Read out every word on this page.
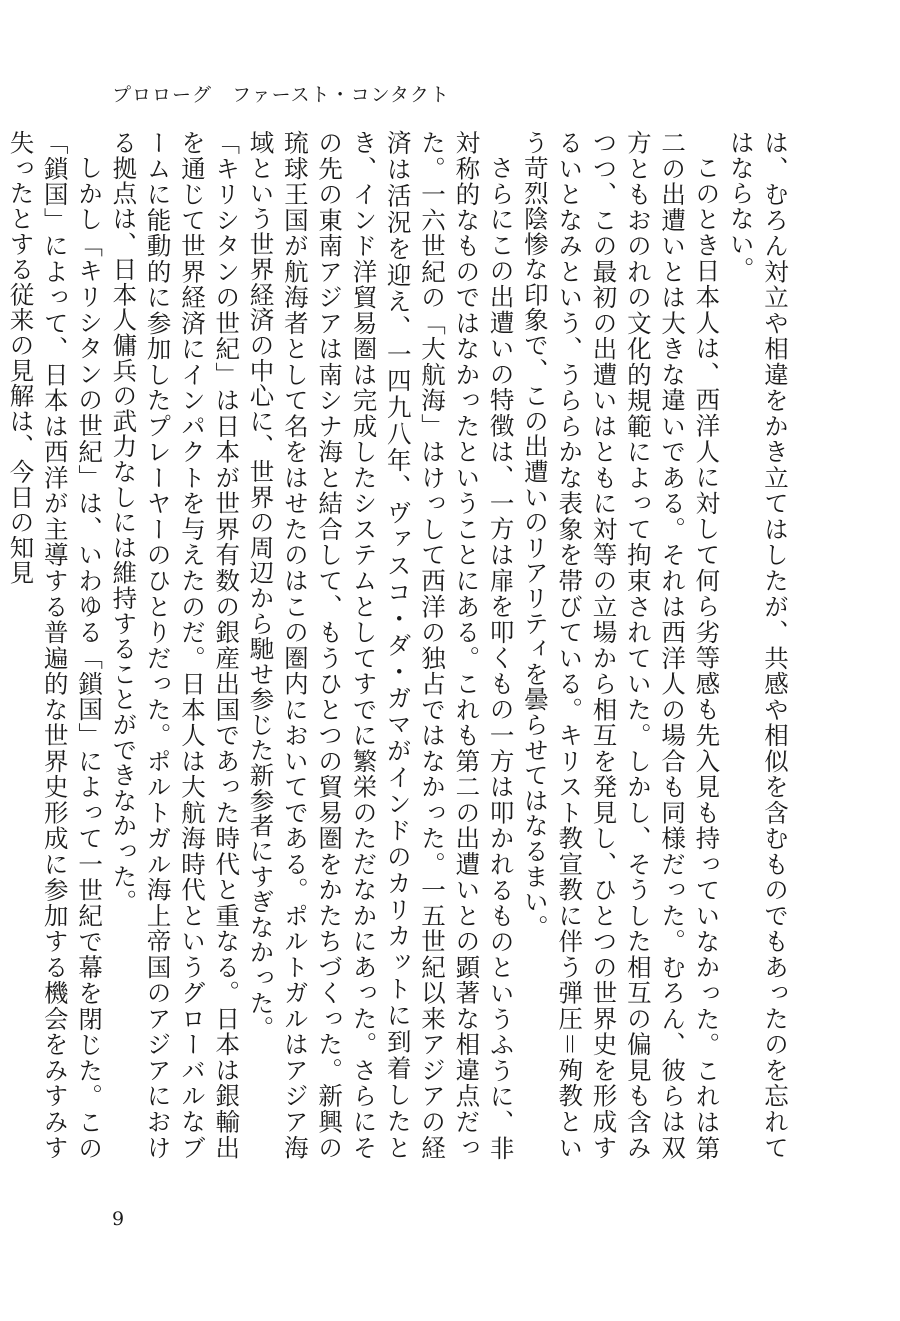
プロローグ　ファースト・コンタクト

は、むろん対立や相違をかき立てはしたが、共感や相似を含むものでもあったのを忘れてはならない。

このとき日本人は、西洋人に対して何ら劣等感も先入見も持っていなかった。これは第二の出遭いとは大きな違いである。それは西洋人の場合も同様だった。むろん、彼らは双方ともおのれの文化的規範によって拘束されていた。しかし、そうした相互の偏見も含みつつ、この最初の出遭いはともに対等の立場から相互を発見し、ひとつの世界史を形成するいとなみという、うららかな表象を帯びている。キリスト教宣教に伴う弾圧＝殉教という苛烈陰惨な印象で、この出遭いのリアリティを曇らせてはなるまい。

さらにこの出遭いの特徴は、一方は扉を叩くもの一方は叩かれるものというふうに、非対称的なものではなかったということにある。これも第二の出遭いとの顕著な相違点だった。一六世紀の「大航海」はけっして西洋の独占ではなかった。一五世紀以来アジアの経済は活況を迎え、一四九八年、ヴァスコ・ダ・ガマがインドのカリカットに到着したとき、インド洋貿易圏は完成したシステムとしてすでに繁栄のただなかにあった。さらにその先の東南アジアは南シナ海と結合して、もうひとつの貿易圏をかたちづくった。新興の琉球王国が航海者として名をはせたのはこの圏内においてである。ポルトガルはアジア海域という世界経済の中心に、世界の周辺から馳せ参じた新参者にすぎなかった。

「キリシタンの世紀」は日本が世界有数の銀産出国であった時代と重なる。日本は銀輸出を通じて世界経済にインパクトを与えたのだ。日本人は大航海時代というグローバルなブームに能動的に参加したプレーヤーのひとりだった。ポルトガル海上帝国のアジアにおける拠点は、日本人傭兵の武力なしには維持することができなかった。

しかし「キリシタンの世紀」は、いわゆる「鎖国」によって一世紀で幕を閉じた。この「鎖国」によって、日本は西洋が主導する普遍的な世界史形成に参加する機会をみすみす失ったとする従来の見解は、今日の知見

9
